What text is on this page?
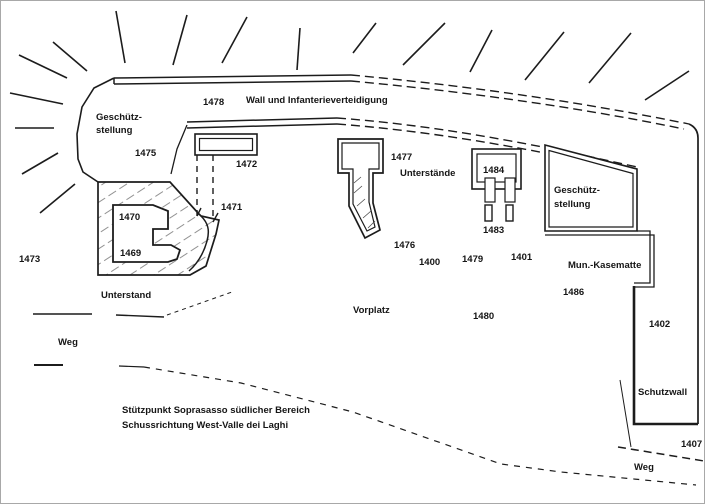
Geschütz-
stellung
1475
1478 Wall und Infanterieverteidigung
1472
1477
Unterstände	1484
Geschütz-
stellung
1471
1470
1469
1473
1476
1483
1400 1479	1401
Mun.-Kasematte
1486
Unterstand
Vorplatz
1480
1402
Schutzwall
1407
Weg
Weg
Stützpunkt Soprasasso südlicher Bereich
Schussrichtung West-Valle dei Laghi
